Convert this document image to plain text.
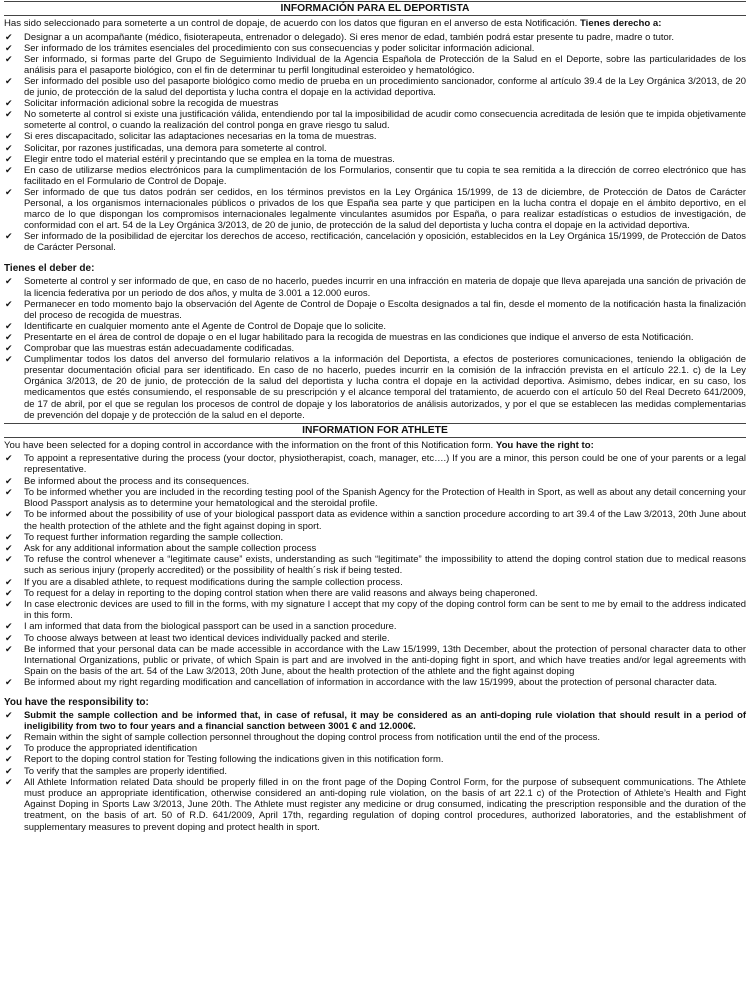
INFORMACIÓN PARA EL DEPORTISTA
Has sido seleccionado para someterte a un control de dopaje, de acuerdo con los datos que figuran en el anverso de esta Notificación. Tienes derecho a:
✔ Designar a un acompañante (médico, fisioterapeuta, entrenador o delegado). Si eres menor de edad, también podrá estar presente tu padre, madre o tutor.
✔ Ser informado de los trámites esenciales del procedimiento con sus consecuencias y poder solicitar información adicional.
✔ Ser informado, si formas parte del Grupo de Seguimiento Individual de la Agencia Española de Protección de la Salud en el Deporte, sobre las particularidades de los análisis para el pasaporte biológico, con el fin de determinar tu perfil longitudinal esteroideo y hematológico.
✔ Ser informado del posible uso del pasaporte biológico como medio de prueba en un procedimiento sancionador, conforme al artículo 39.4 de la Ley Orgánica 3/2013, de 20 de junio, de protección de la salud del deportista y lucha contra el dopaje en la actividad deportiva.
✔ Solicitar información adicional sobre la recogida de muestras
✔ No someterte al control si existe una justificación válida, entendiendo por tal la imposibilidad de acudir como consecuencia acreditada de lesión que te impida objetivamente someterte al control, o cuando la realización del control ponga en grave riesgo tu salud.
✔ Si eres discapacitado, solicitar las adaptaciones necesarias en la toma de muestras.
✔ Solicitar, por razones justificadas, una demora para someterte al control.
✔ Elegir entre todo el material estéril y precintando que se emplea en la toma de muestras.
✔ En caso de utilizarse medios electrónicos para la cumplimentación de los Formularios, consentir que tu copia te sea remitida a la dirección de correo electrónico que has facilitado en el Formulario de Control de Dopaje.
✔ Ser informado de que tus datos podrán ser cedidos, en los términos previstos en la Ley Orgánica 15/1999, de 13 de diciembre, de Protección de Datos de Carácter Personal, a los organismos internacionales públicos o privados de los que España sea parte y que participen en la lucha contra el dopaje en el ámbito deportivo, en el marco de lo que dispongan los compromisos internacionales legalmente vinculantes asumidos por España, o para realizar estadísticas o estudios de investigación, de conformidad con el art. 54 de la Ley Orgánica 3/2013, de 20 de junio, de protección de la salud del deportista y lucha contra el dopaje en la actividad deportiva.
✔ Ser informado de la posibilidad de ejercitar los derechos de acceso, rectificación, cancelación y oposición, establecidos en la Ley Orgánica 15/1999, de Protección de Datos de Carácter Personal.
Tienes el deber de:
✔ Someterte al control y ser informado de que, en caso de no hacerlo, puedes incurrir en una infracción en materia de dopaje que lleva aparejada una sanción de privación de la licencia federativa por un periodo de dos años, y multa de 3.001 a 12.000 euros.
✔ Permanecer en todo momento bajo la observación del Agente de Control de Dopaje o Escolta designados a tal fin, desde el momento de la notificación hasta la finalización del proceso de recogida de muestras.
✔ Identificarte en cualquier momento ante el Agente de Control de Dopaje que lo solicite.
✔ Presentarte en el área de control de dopaje o en el lugar habilitado para la recogida de muestras en las condiciones que indique el anverso de esta Notificación.
✔ Comprobar que las muestras están adecuadamente codificadas.
✔ Cumplimentar todos los datos del anverso del formulario relativos a la información del Deportista, a efectos de posteriores comunicaciones, teniendo la obligación de presentar documentación oficial para ser identificado. En caso de no hacerlo, puedes incurrir en la comisión de la infracción prevista en el artículo 22.1. c) de la Ley Orgánica 3/2013, de 20 de junio, de protección de la salud del deportista y lucha contra el dopaje en la actividad deportiva. Asimismo, debes indicar, en su caso, los medicamentos que estés consumiendo, el responsable de su prescripción y el alcance temporal del tratamiento, de acuerdo con el artículo 50 del Real Decreto 641/2009, de 17 de abril, por el que se regulan los procesos de control de dopaje y los laboratorios de análisis autorizados, y por el que se establecen las medidas complementarias de prevención del dopaje y de protección de la salud en el deporte.
INFORMATION FOR ATHLETE
You have been selected for a doping control in accordance with the information on the front of this Notification form. You have the right to:
✔ To appoint a representative during the process (your doctor, physiotherapist, coach, manager, etc….) If you are a minor, this person could be one of your parents or a legal representative.
✔ Be informed about the process and its consequences.
✔ To be informed whether you are included in the recording testing pool of the Spanish Agency for the Protection of Health in Sport, as well as about any detail concerning your Blood Passport analysis as to determine your hematological and the steroidal profile.
✔ To be informed about the possibility of use of your biological passport data as evidence within a sanction procedure according to art 39.4 of the Law 3/2013, 20th June about the health protection of the athlete and the fight against doping in sport.
✔ To request further information regarding the sample collection.
✔ Ask for any additional information about the sample collection process
✔ To refuse the control whenever a “legitimate cause” exists, understanding as such “legitimate” the impossibility to attend the doping control station due to medical reasons such as serious injury (properly accredited) or the possibility of health´s risk if being tested.
✔ If you are a disabled athlete, to request modifications during the sample collection process.
✔ To request for a delay in reporting to the doping control station when there are valid reasons and always being chaperoned.
✔ In case electronic devices are used to fill in the forms, with my signature I accept that my copy of the doping control form can be sent to me by email to the address indicated in this form.
✔ I am informed that data from the biological passport can be used in a sanction procedure.
✔ To choose always between at least two identical devices individually packed and sterile.
✔ Be informed that your personal data can be made accessible in accordance with the Law 15/1999, 13th December, about the protection of personal character data to other International Organizations, public or private, of which Spain is part and are involved in the anti-doping fight in sport, and which have treaties and/or legal agreements with Spain on the basis of the art. 54 of the Law 3/2013, 20th June, about the health protection of the athlete and the fight against doping
✔ Be informed about my right regarding modification and cancellation of information in accordance with the law 15/1999, about the protection of personal character data.
You have the responsibility to:
✔ Submit the sample collection and be informed that, in case of refusal, it may be considered as an anti-doping rule violation that should result in a period of ineligibility from two to four years and a financial sanction between 3001 € and 12.000€.
✔ Remain within the sight of sample collection personnel throughout the doping control process from notification until the end of the process.
✔ To produce the appropriated identification
✔ Report to the doping control station for Testing following the indications given in this notification form.
✔ To verify that the samples are properly identified.
✔ All Athlete Information related Data should be properly filled in on the front page of the Doping Control Form, for the purpose of subsequent communications. The Athlete must produce an appropriate identification, otherwise considered an anti-doping rule violation, on the basis of art 22.1 c) of the Protection of Athlete’s Health and Fight Against Doping in Sports Law 3/2013, June 20th. The Athlete must register any medicine or drug consumed, indicating the prescription responsible and the duration of the treatment, on the basis of art. 50 of R.D. 641/2009, April 17th, regarding regulation of doping control procedures, authorized laboratories, and the establishment of supplementary measures to prevent doping and protect health in sport.
